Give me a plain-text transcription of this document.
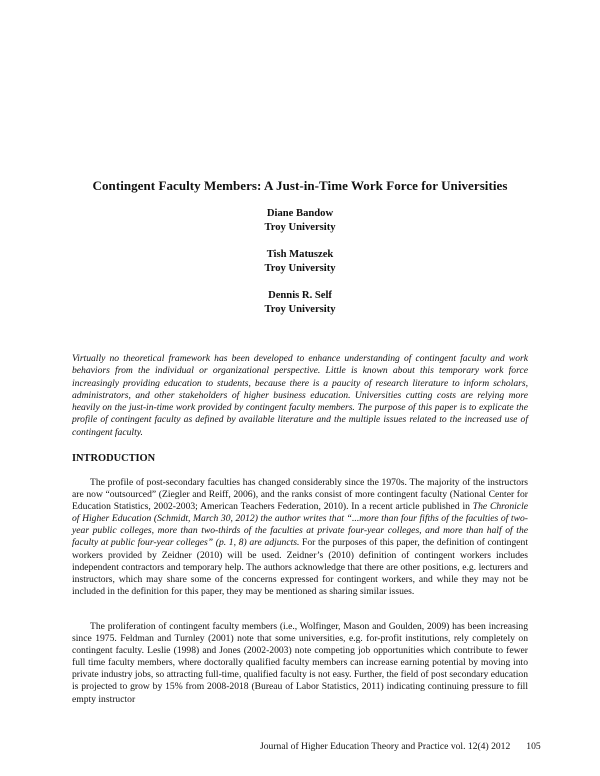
Contingent Faculty Members: A Just-in-Time Work Force for Universities
Diane Bandow
Troy University
Tish Matuszek
Troy University
Dennis R. Self
Troy University
Virtually no theoretical framework has been developed to enhance understanding of contingent faculty and work behaviors from the individual or organizational perspective. Little is known about this temporary work force increasingly providing education to students, because there is a paucity of research literature to inform scholars, administrators, and other stakeholders of higher business education. Universities cutting costs are relying more heavily on the just-in-time work provided by contingent faculty members. The purpose of this paper is to explicate the profile of contingent faculty as defined by available literature and the multiple issues related to the increased use of contingent faculty.
INTRODUCTION

The profile of post-secondary faculties has changed considerably since the 1970s. The majority of the instructors are now “outsourced” (Ziegler and Reiff, 2006), and the ranks consist of more contingent faculty (National Center for Education Statistics, 2002-2003; American Teachers Federation, 2010). In a recent article published in The Chronicle of Higher Education (Schmidt, March 30, 2012) the author writes that “...more than four fifths of the faculties of two-year public colleges, more than two-thirds of the faculties at private four-year colleges, and more than half of the faculty at public four-year colleges” (p. 1, 8) are adjuncts. For the purposes of this paper, the definition of contingent workers provided by Zeidner (2010) will be used. Zeidner’s (2010) definition of contingent workers includes independent contractors and temporary help. The authors acknowledge that there are other positions, e.g. lecturers and instructors, which may share some of the concerns expressed for contingent workers, and while they may not be included in the definition for this paper, they may be mentioned as sharing similar issues.

The proliferation of contingent faculty members (i.e., Wolfinger, Mason and Goulden, 2009) has been increasing since 1975. Feldman and Turnley (2001) note that some universities, e.g. for-profit institutions, rely completely on contingent faculty. Leslie (1998) and Jones (2002-2003) note competing job opportunities which contribute to fewer full time faculty members, where doctorally qualified faculty members can increase earning potential by moving into private industry jobs, so attracting full-time, qualified faculty is not easy. Further, the field of post secondary education is projected to grow by 15% from 2008-2018 (Bureau of Labor Statistics, 2011) indicating continuing pressure to fill empty instructor

Journal of Higher Education Theory and Practice vol. 12(4) 2012 105
